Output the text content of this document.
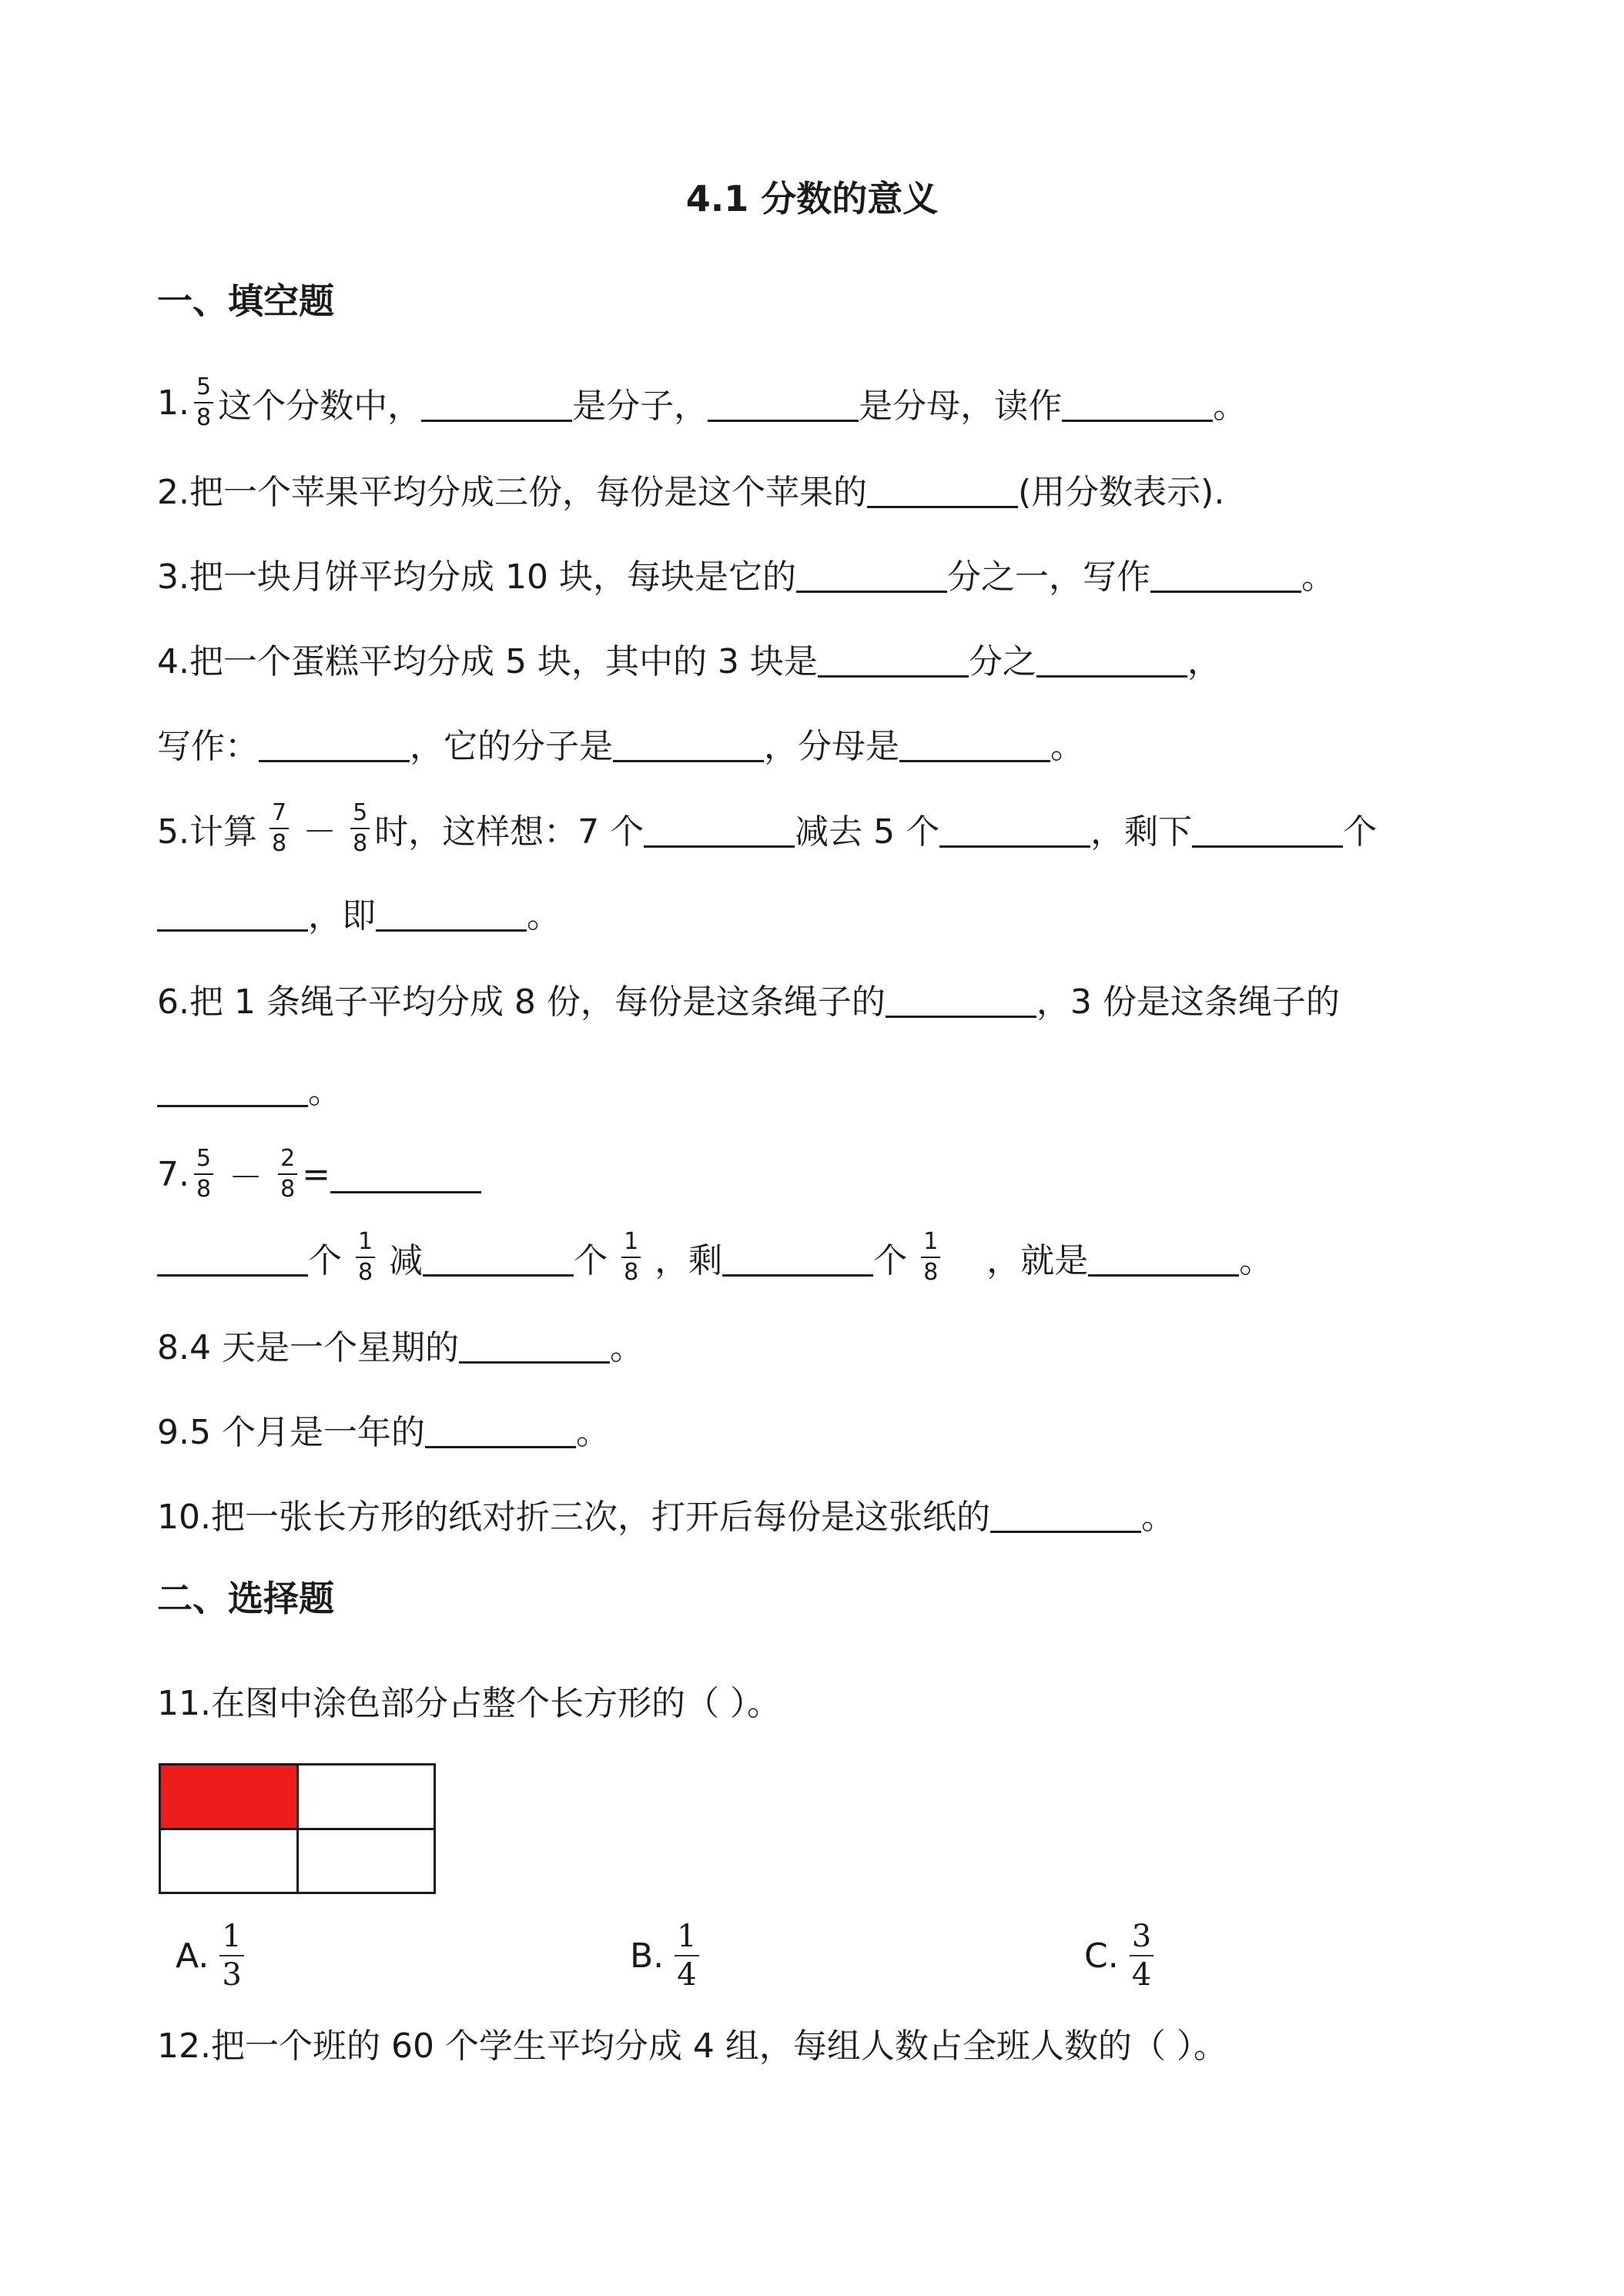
4.1 分数的意义
一、填空题
1. $\frac{5}{8}$ 这个分数中，	是分子，	是分母，读作	。
2.把一个苹果平均分成三份，每份是这个苹果的	(用分数表示).
3.把一块月饼平均分成 10 块，每块是它的	分之一，写作	。
4.把一个蛋糕平均分成 5 块，其中的 3 块是	分之	，
写作：	，它的分子是	，分母是	。
5.计算 $\frac{7}{8} - \frac{5}{8}$ 时，这样想：7 个	减去 5 个	，剩下	个
，即	。
6.把 1 条绳子平均分成 8 份，每份是这条绳子的	，3 份是这条绳子的
。
7. $\frac{5}{8} - \frac{2}{8}$ =
个 $\frac{1}{8}$ 减	个 $\frac{1}{8}$ ，剩	个 $\frac{1}{8}$ ，就是	。
8.4 天是一个星期的	。
9.5 个月是一年的	。
10.把一张长方形的纸对折三次，打开后每份是这张纸的	。
二、选择题
11.在图中涂色部分占整个长方形的（ ）。
A. $\frac{1}{3}$	B. $\frac{1}{4}$	C. $\frac{3}{4}$
12.把一个班的 60 个学生平均分成 4 组，每组人数占全班人数的（ ）。
